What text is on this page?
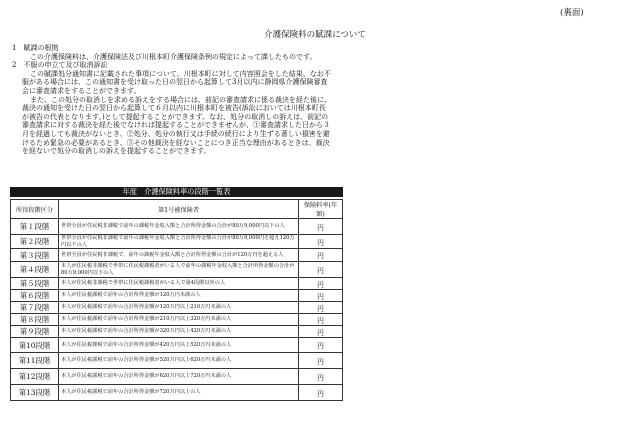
(裏面)
介護保険料の賦課について

1　賦課の根拠

この介護保険料は、介護保険法及び川根本町介護保険条例の規定によって課したものです。

2　不服の申立て及び取消訴訟

この賦課処分通知書に記載された事項について、川根本町に対して内容照会をした結果、なお不服がある場合には、この通知書を受け取った日の翌日から起算して3月以内に静岡県介護保険審査会に審査請求をすることができます。

また、この処分の取消しを求める訴えをする場合には、前記の審査請求に係る裁決を経た後に、裁決の通知を受けた日の翌日から起算して６月以内に川根本町を被告(訴訟においては川根本町長が被告の代表となります。)として提起することができます。なお、処分の取消しの訴えは、前記の審査請求に対する裁決を経た後でなければ提起することができませんが、①審査請求した日から３月を経過しても裁決がないとき、②処分、処分の執行又は手続の続行により生ずる著しい損害を避けるため緊急の必要があるとき、③その他裁決を経ないことにつき正当な理由があるときは、裁決を経ないで処分の取消しの訴えを提起することができます。

年度　介護保険料率の段階一覧表
所得段階区分	第1号被保険者	保険料率(年額)
第１段階	世帯全員が住民税非課税で前年の課税年金収入額と合計所得金額の合計が80万9,000円以下の人	円
第２段階	世帯全員が住民税非課税で前年の課税年金収入額と合計所得金額の合計が80万9,000円を超え120万円以下の人	円
第３段階	世帯全員が住民税非課税で、前年の課税年金収入額と合計所得金額の合計が120万円を超える人	円
第４段階	本人が住民税非課税で世帯に住民税課税者がいる人で前年の課税年金収入額と合計所得金額の合計が80万9,000円以下の人	円
第５段階	本人が住民税非課税で世帯に住民税課税者がいる人で第4段階以外の人	円
第６段階	本人が住民税課税で前年の合計所得金額が120万円未満の人	円
第７段階	本人が住民税課税で前年の合計所得金額が120万円以上210万円未満の人	円
第８段階	本人が住民税課税で前年の合計所得金額が210万円以上320万円未満の人	円
第９段階	本人が住民税課税で前年の合計所得金額が320万円以上420万円未満の人	円
第10段階	本人が住民税課税で前年の合計所得金額が420万円以上520万円未満の人	円
第11段階	本人が住民税課税で前年の合計所得金額が520万円以上620万円未満の人	円
第12段階	本人が住民税課税で前年の合計所得金額が620万円以上720万円未満の人	円
第13段階	本人が住民税課税で前年の合計所得金額が720万円以上の人	円
